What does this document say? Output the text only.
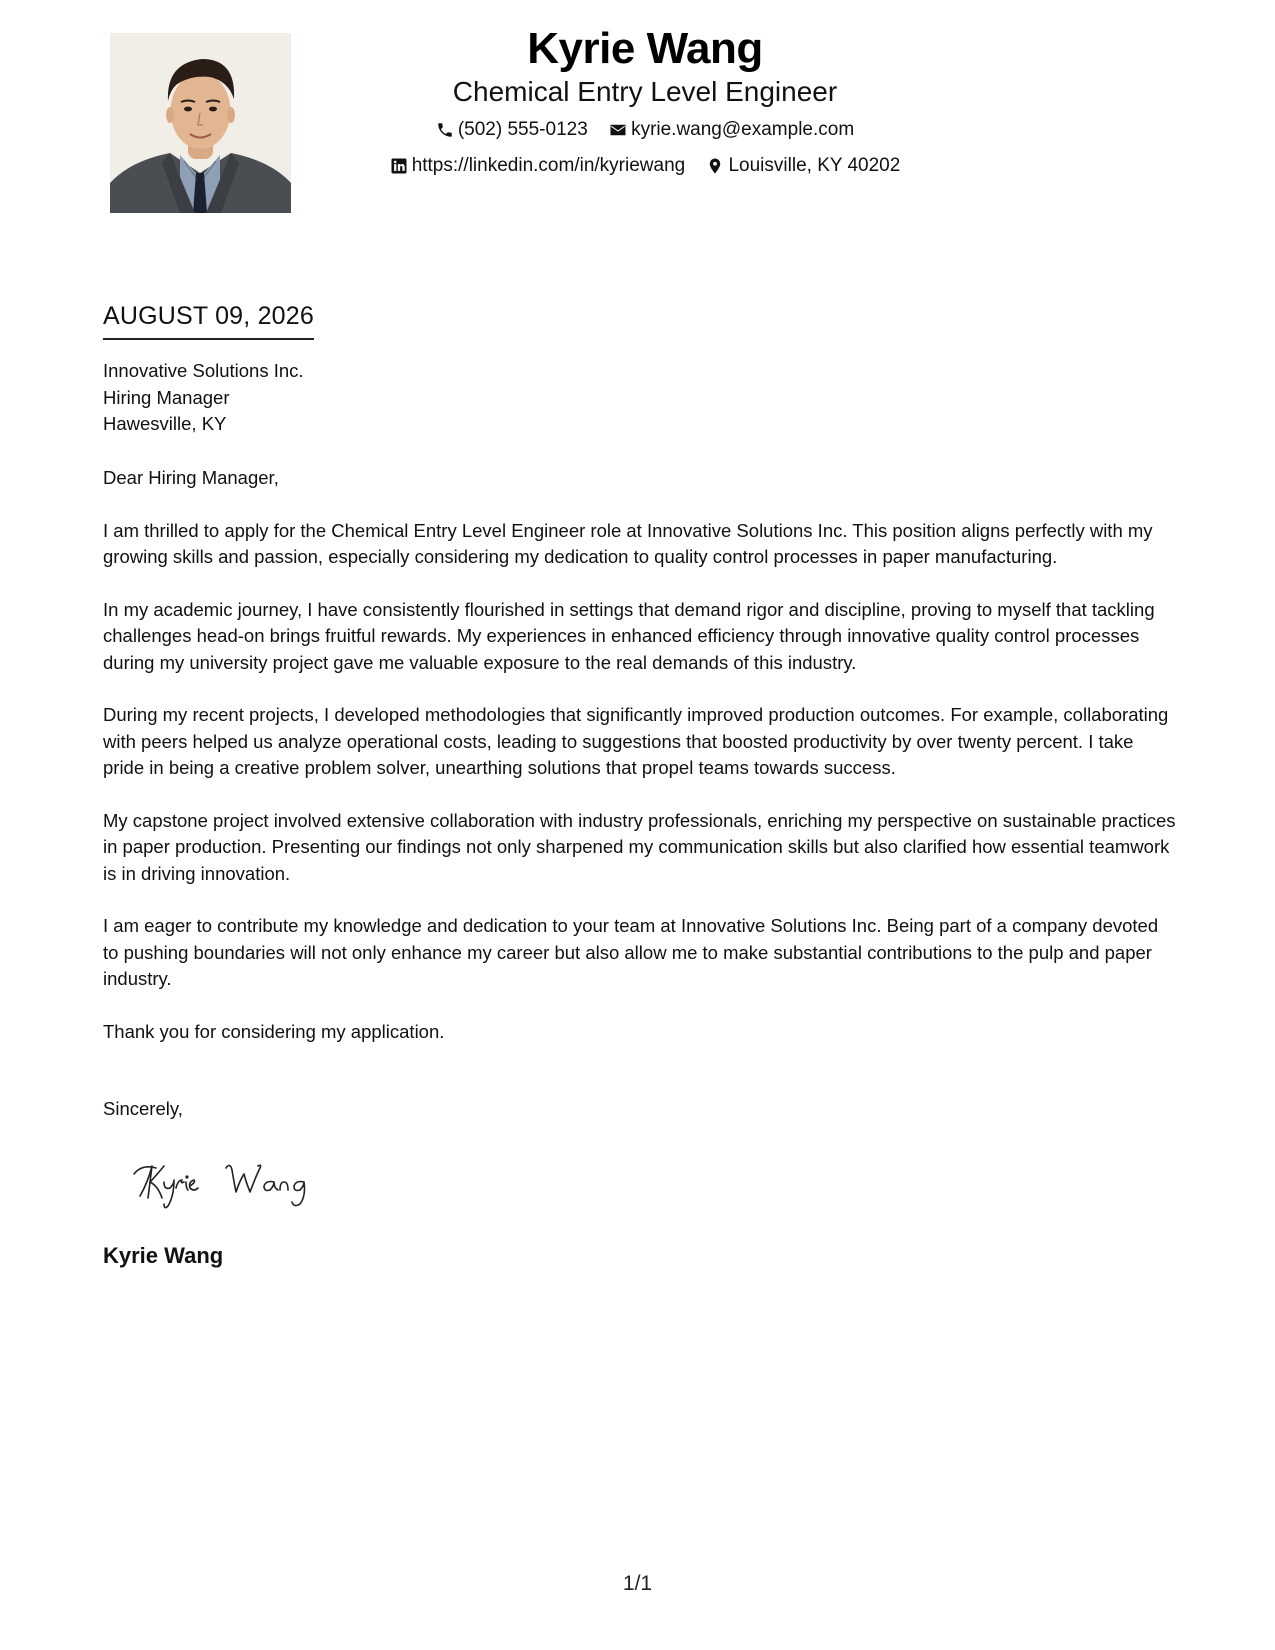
Kyrie Wang
Chemical Entry Level Engineer
(502) 555-0123
kyrie.wang@example.com
https://linkedin.com/in/kyriewang
Louisville, KY 40202
AUGUST 09, 2026
Innovative Solutions Inc.
Hiring Manager
Hawesville, KY

Dear Hiring Manager,

I am thrilled to apply for the Chemical Entry Level Engineer role at Innovative Solutions Inc. This position aligns perfectly with my growing skills and passion, especially considering my dedication to quality control processes in paper manufacturing.

In my academic journey, I have consistently flourished in settings that demand rigor and discipline, proving to myself that tackling challenges head-on brings fruitful rewards. My experiences in enhanced efficiency through innovative quality control processes during my university project gave me valuable exposure to the real demands of this industry.

During my recent projects, I developed methodologies that significantly improved production outcomes. For example, collaborating with peers helped us analyze operational costs, leading to suggestions that boosted productivity by over twenty percent. I take pride in being a creative problem solver, unearthing solutions that propel teams towards success.

My capstone project involved extensive collaboration with industry professionals, enriching my perspective on sustainable practices in paper production. Presenting our findings not only sharpened my communication skills but also clarified how essential teamwork is in driving innovation.

I am eager to contribute my knowledge and dedication to your team at Innovative Solutions Inc. Being part of a company devoted to pushing boundaries will not only enhance my career but also allow me to make substantial contributions to the pulp and paper industry.

Thank you for considering my application.

Sincerely,
Kyrie Wang
1/1
